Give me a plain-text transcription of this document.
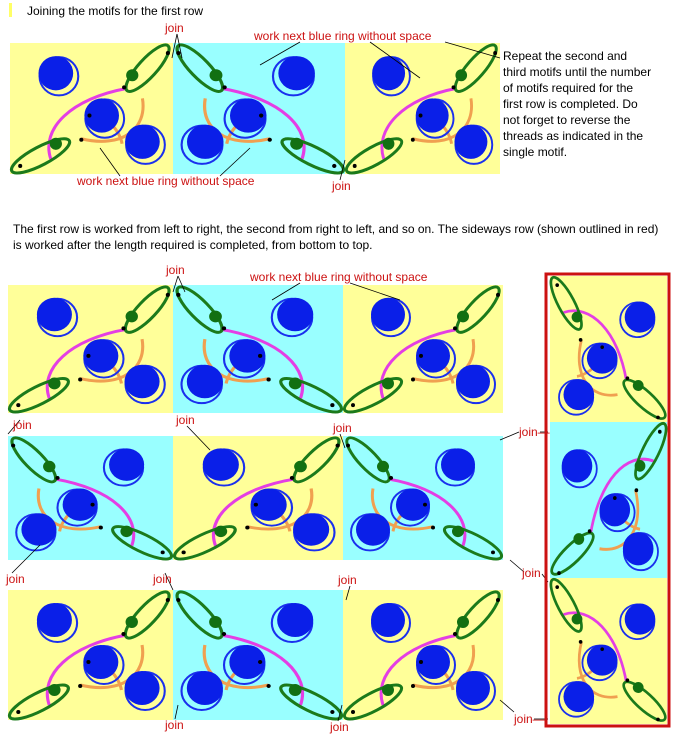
Joining the motifs for the first row
Repeat the second and third motifs until the number of motifs required for the first row is completed. Do not forget to reverse the threads as indicated in the single motif.
The first row is worked from left to right, the second from right to left, and so on. The sideways row (shown outlined in red) is worked after the length required is completed, from bottom to top.
join
work next blue ring without space
work next blue ring without space	join
join	work next blue ring without space
join	join
join	join—
join	join	join	join
join	join
join—
